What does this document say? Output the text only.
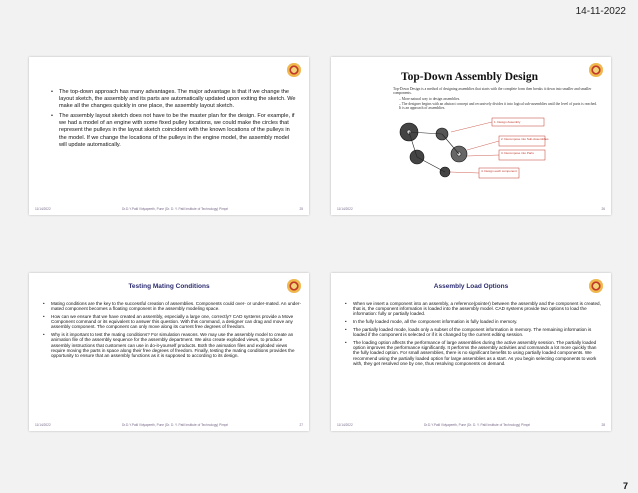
14-11-2022
• The top-down approach has many advantages. The major advantage is that if we change the layout sketch, the assembly and its parts are automatically updated upon exiting the sketch. We make all the changes quickly in one place, the assembly layout sketch.
• The assembly layout sketch does not have to be the master plan for the design. For example, if we had a model of an engine with some fixed pulley locations, we could make the circles that represent the pulleys in the layout sketch coincident with the known locations of the pulleys in the model. If we change the locations of the pulleys in the engine model, the assembly model will update automatically.
11/14/2022	Dr.D.Y.Patil Vidyapeeth, Pune (Dr. D. Y. Patil Institute of Technology) Pimpri	25
Top-Down Assembly Design

Top-Down Design is a method of designing assemblies that starts with the complete form then breaks it down into smaller and smaller components.

– More natural way to design assemblies.

– The designer begins with an abstract concept and recursively divides it into logical sub-assemblies until the level of parts is reached. It is an approach of assemblies.

1. Design Assembly
2. Decompose into Sub-Assemblies
3. Decompose into Parts
4. Design each component
11/14/2022	26
Testing Mating Conditions
• Mating conditions are the key to the successful creation of assemblies. Components could over- or under-mated. An under-mated component becomes a floating component in the assembly modeling space.
• How can we ensure that we have created an assembly, especially a large one, correctly? CAD systems provide a Move Component command or its equivalent to answer this question. With this command, a designer can drag and move any assembly component. The component can only move along its current free degrees of freedom.
• Why is it important to test the mating conditions? For simulation reasons. We may use the assembly model to create an animation file of the assembly sequence for the assembly department. We also create exploded views, to produce assembly instructions that customers can use in do-it-yourself products. Both the animation files and exploded views require moving the parts in space along their free degrees of freedom. Finally, testing the mating conditions provides the opportunity to ensure that an assembly functions as it is supposed to according to its design.
11/14/2022	Dr.D.Y.Patil Vidyapeeth, Pune (Dr. D. Y. Patil Institute of Technology) Pimpri	27
Assembly Load Options
• When we insert a component into an assembly, a reference(pointer) between the assembly and the component is created, that is, the component information is loaded into the assembly model. CAD systems provide two options to load the information: fully or partially loaded.
• In the fully loaded mode, all the component information is fully loaded in memory.
• The partially loaded mode, loads only a subset of the component information in memory. The remaining information is loaded if the component is selected or if it is changed by the current editing session.
• The loading option affects the performance of large assemblies during the active assembly session. The partially loaded option improves the performance significantly. It performs the assembly activities and commands a lot more quickly than the fully loaded option. For small assemblies, there is no significant benefits to using partially loaded components. We recommend using the partially loaded option for large assemblies as a start. As you begin selecting components to work with, they get resolved one by one, thus resolving components on demand.
11/14/2022	Dr.D.Y.Patil Vidyapeeth, Pune (Dr. D. Y. Patil Institute of Technology) Pimpri	28
7
